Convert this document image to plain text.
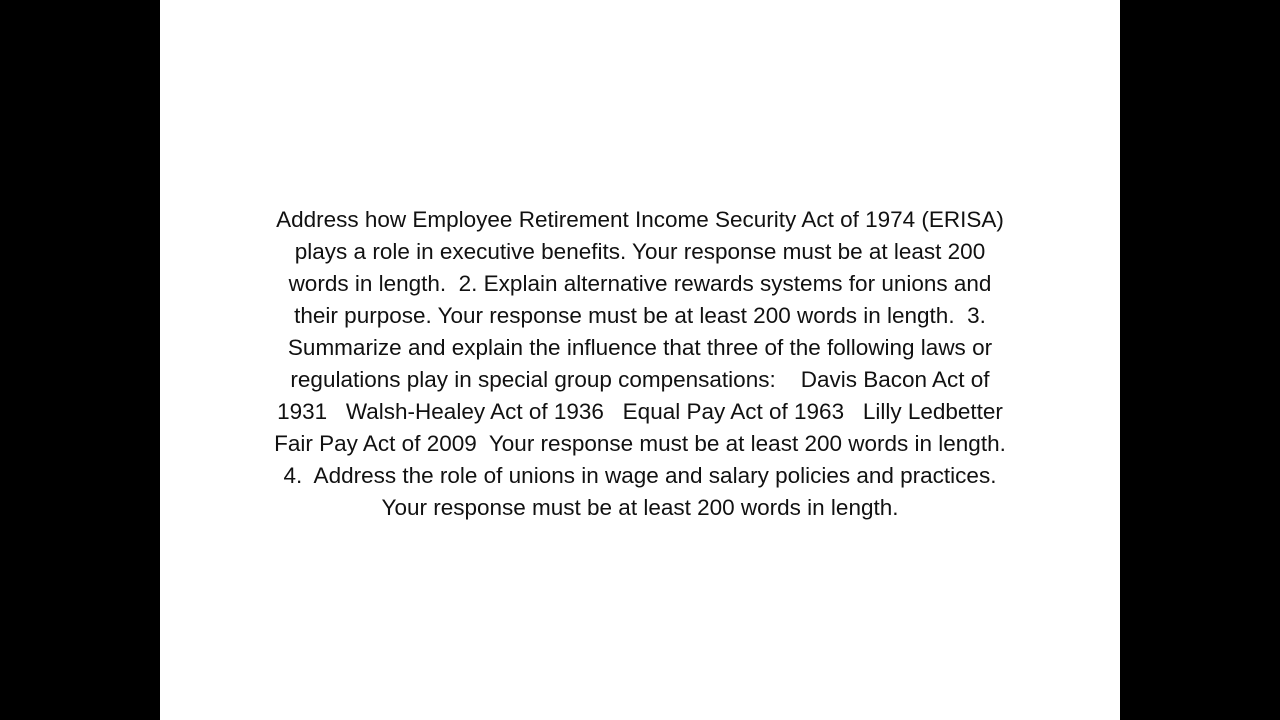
Address how Employee Retirement Income Security Act of 1974 (ERISA)
plays a role in executive benefits. Your response must be at least 200
words in length.  2. Explain alternative rewards systems for unions and
their purpose. Your response must be at least 200 words in length.  3.
Summarize and explain the influence that three of the following laws or
regulations play in special group compensations:    Davis Bacon Act of
1931   Walsh-Healey Act of 1936   Equal Pay Act of 1963   Lilly Ledbetter
Fair Pay Act of 2009  Your response must be at least 200 words in length.
4.  Address the role of unions in wage and salary policies and practices.
Your response must be at least 200 words in length.
